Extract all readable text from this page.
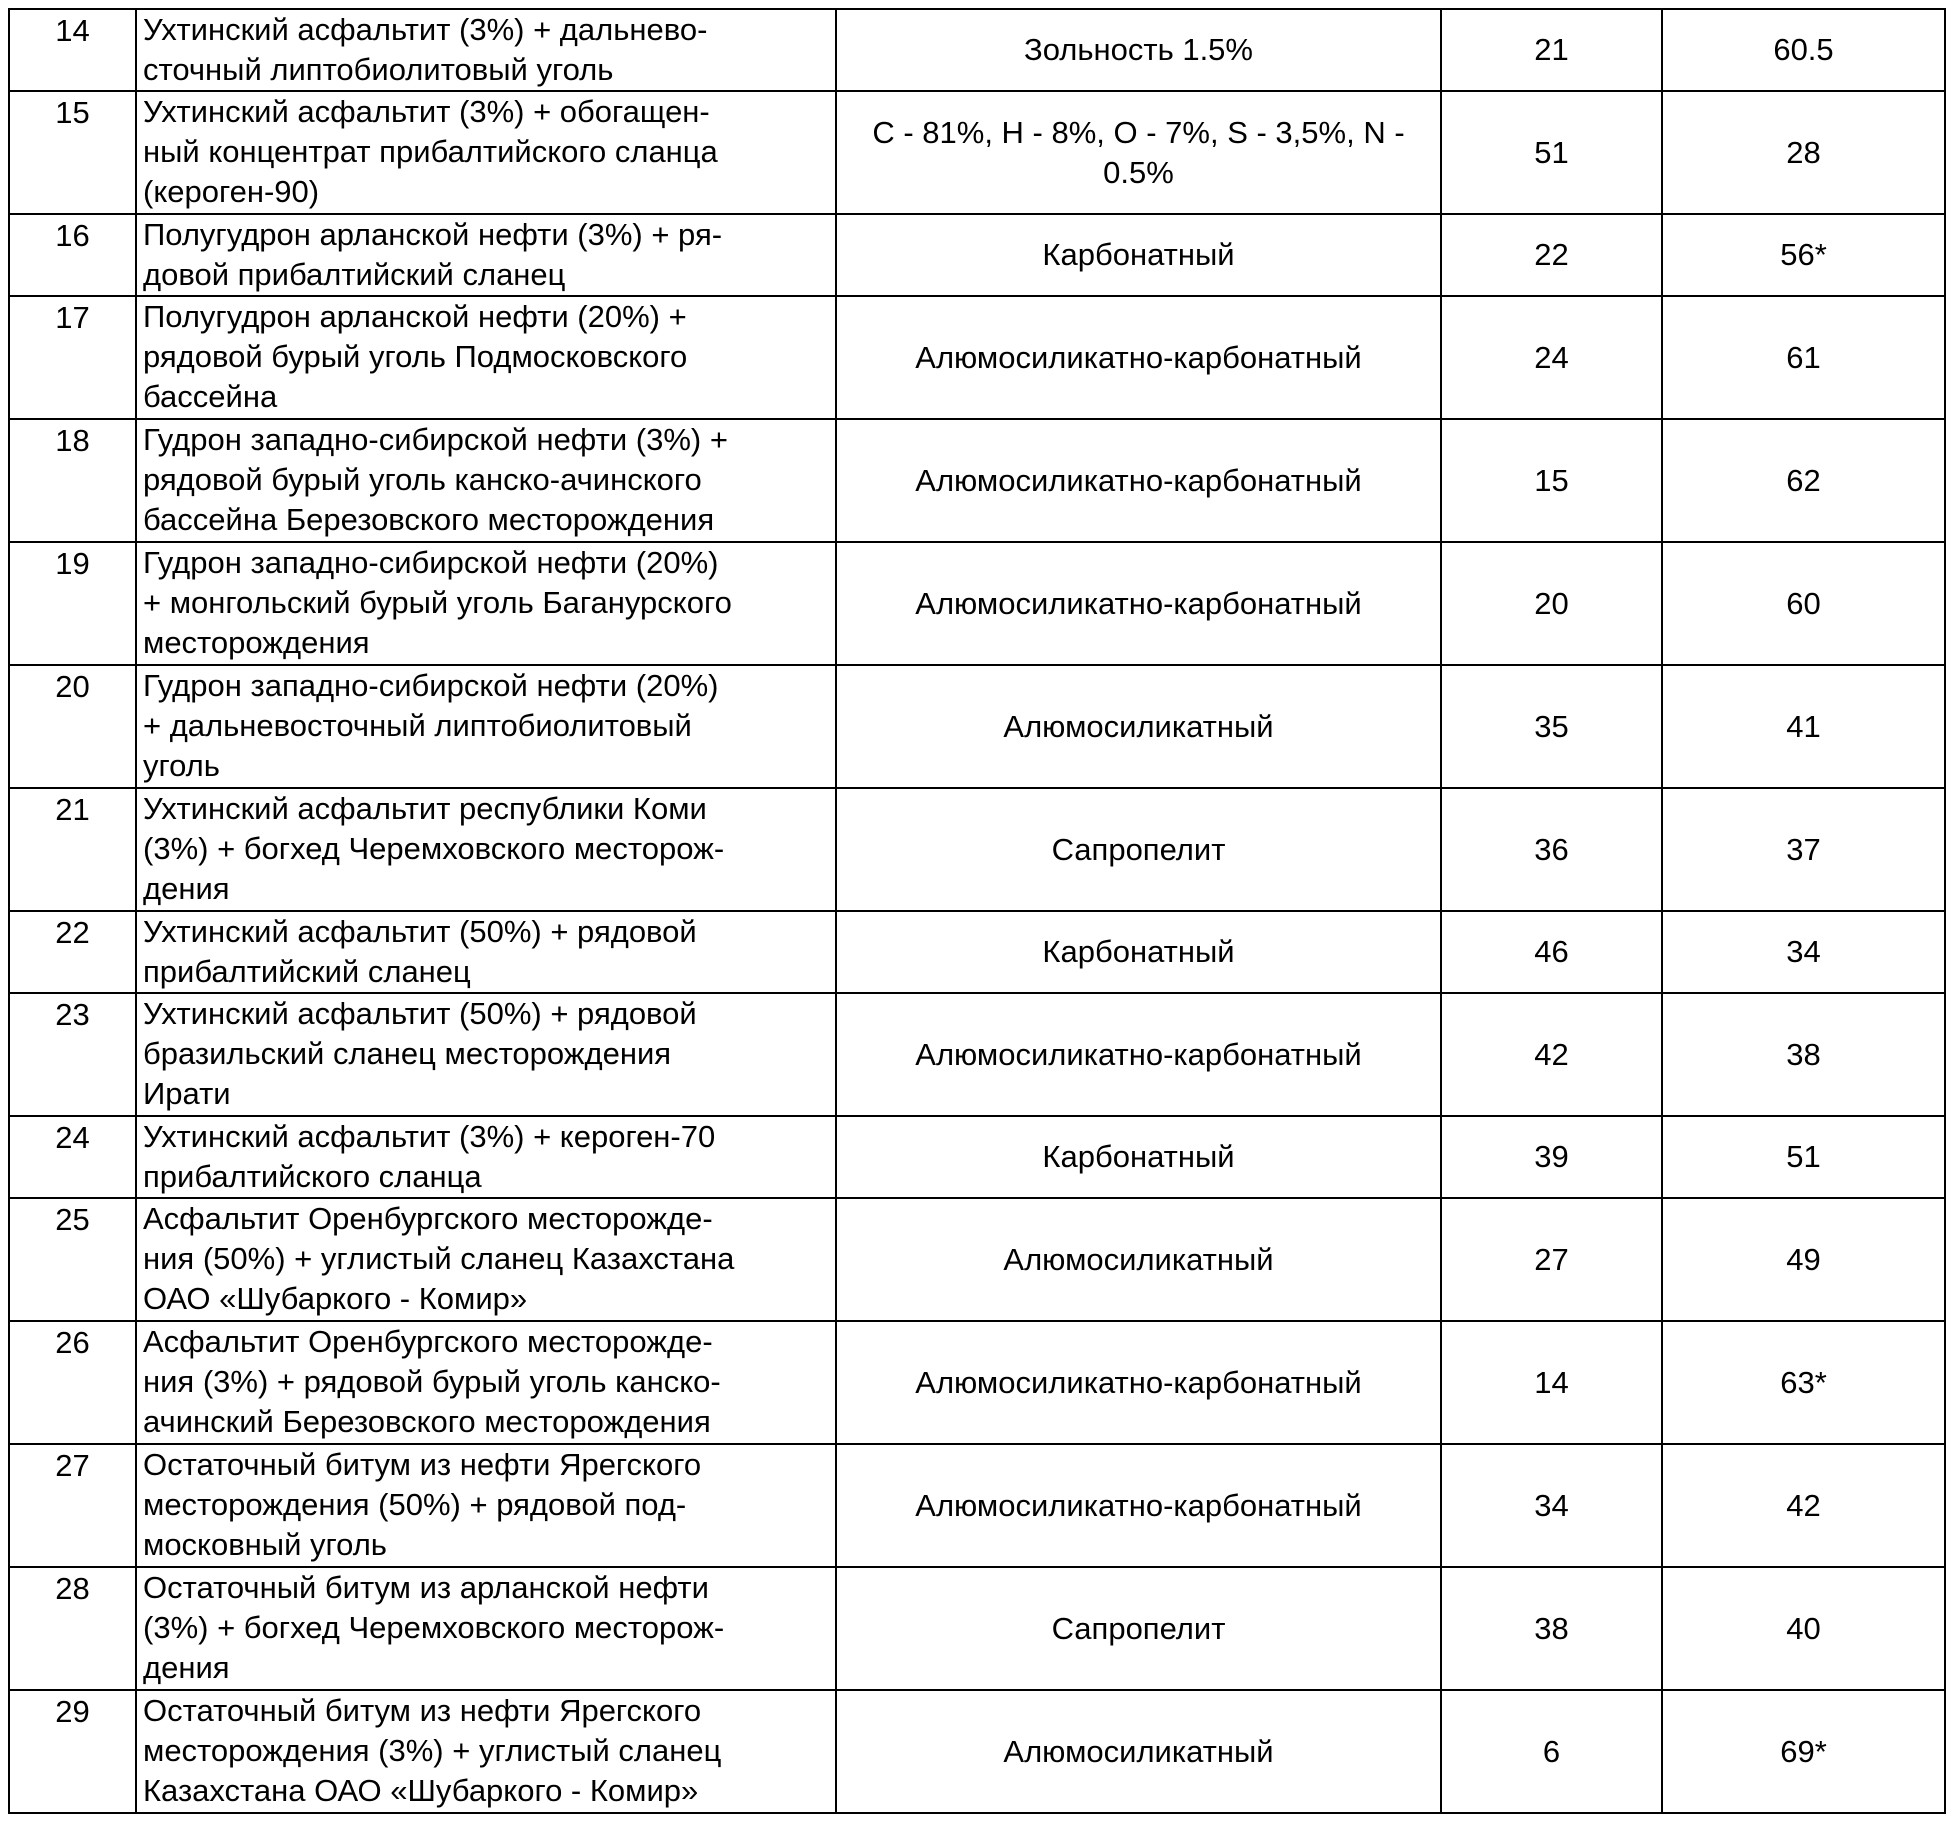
14	Ухтинский асфальтит (3%) + дальнево-
сточный липтобиолитовый уголь
	Зольность 1.5%	21	60.5
15	Ухтинский асфальтит (3%) + обогащен-
ный концентрат прибалтийского сланца
(кероген-90)
	C - 81%, H - 8%, O - 7%, S - 3,5%, N - 0.5%	51	28
16	Полугудрон арланской нефти (3%) + ря-
довой прибалтийский сланец
	Карбонатный	22	56*
17	Полугудрон арланской нефти (20%) +
рядовой бурый уголь Подмосковского
бассейна
	Алюмосиликатно-карбонатный	24	61
18	Гудрон западно-сибирской нефти (3%) +
рядовой бурый уголь канско-ачинского
бассейна Березовского месторождения
	Алюмосиликатно-карбонатный	15	62
19	Гудрон западно-сибирской нефти (20%)
+ монгольский бурый уголь Баганурского
месторождения
	Алюмосиликатно-карбонатный	20	60
20	Гудрон западно-сибирской нефти (20%)
+ дальневосточный липтобиолитовый
уголь
	Алюмосиликатный	35	41
21	Ухтинский асфальтит республики Коми
(3%) + богхед Черемховского месторож-
дения
	Сапропелит	36	37
22	Ухтинский асфальтит (50%) + рядовой
прибалтийский сланец
	Карбонатный	46	34
23	Ухтинский асфальтит (50%) + рядовой
бразильский сланец месторождения
Ирати
	Алюмосиликатно-карбонатный	42	38
24	Ухтинский асфальтит (3%) + кероген-70
прибалтийского сланца
	Карбонатный	39	51
25	Асфальтит Оренбургского месторожде-
ния (50%) + углистый сланец Казахстана
ОАО «Шубаркого - Комир»
	Алюмосиликатный	27	49
26	Асфальтит Оренбургского месторожде-
ния (3%) + рядовой бурый уголь канско-
ачинский Березовского месторождения
	Алюмосиликатно-карбонатный	14	63*
27	Остаточный битум из нефти Ярегского
месторождения (50%) + рядовой под-
московный уголь
	Алюмосиликатно-карбонатный	34	42
28	Остаточный битум из арланской нефти
(3%) + богхед Черемховского месторож-
дения
	Сапропелит	38	40
29	Остаточный битум из нефти Ярегского
месторождения (3%) + углистый сланец
Казахстана ОАО «Шубаркого - Комир»
	Алюмосиликатный	6	69*
